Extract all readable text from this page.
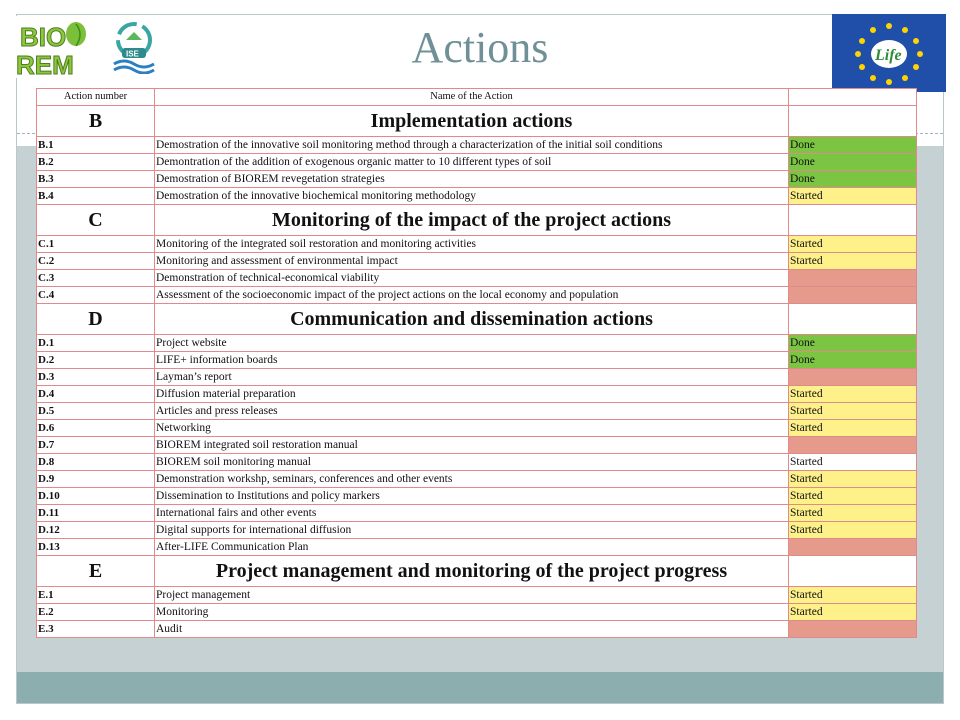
BIO
REM	ISE	Life
Actions
Action number	Name of the Action	
B	Implementation actions	
B.1	Demostration of the innovative soil monitoring method through a characterization of the initial soil conditions	Done
B.2	Demontration of the addition of exogenous organic matter to 10 different types of soil	Done
B.3	Demostration of BIOREM revegetation strategies	Done
B.4	Demostration of the innovative biochemical monitoring methodology	Started
C	Monitoring of the impact of the project actions	
C.1	Monitoring of the integrated soil restoration and monitoring activities	Started
C.2	Monitoring and assessment of environmental impact	Started
C.3	Demonstration of technical-economical viability	
C.4	Assessment of the socioeconomic impact of the project actions on the local economy and population	
D	Communication and dissemination actions	
D.1	Project website	Done
D.2	LIFE+ information boards	Done
D.3	Layman’s report	
D.4	Diffusion material preparation	Started
D.5	Articles and press releases	Started
D.6	Networking	Started
D.7	BIOREM integrated soil restoration manual	
D.8	BIOREM soil monitoring manual	Started
D.9	Demonstration workshp, seminars, conferences and other events	Started
D.10	Dissemination to Institutions and policy markers	Started
D.11	International fairs and other events	Started
D.12	Digital supports for international diffusion	Started
D.13	After-LIFE Communication Plan	
E	Project management and monitoring of the project progress	
E.1	Project management	Started
E.2	Monitoring	Started
E.3	Audit	
